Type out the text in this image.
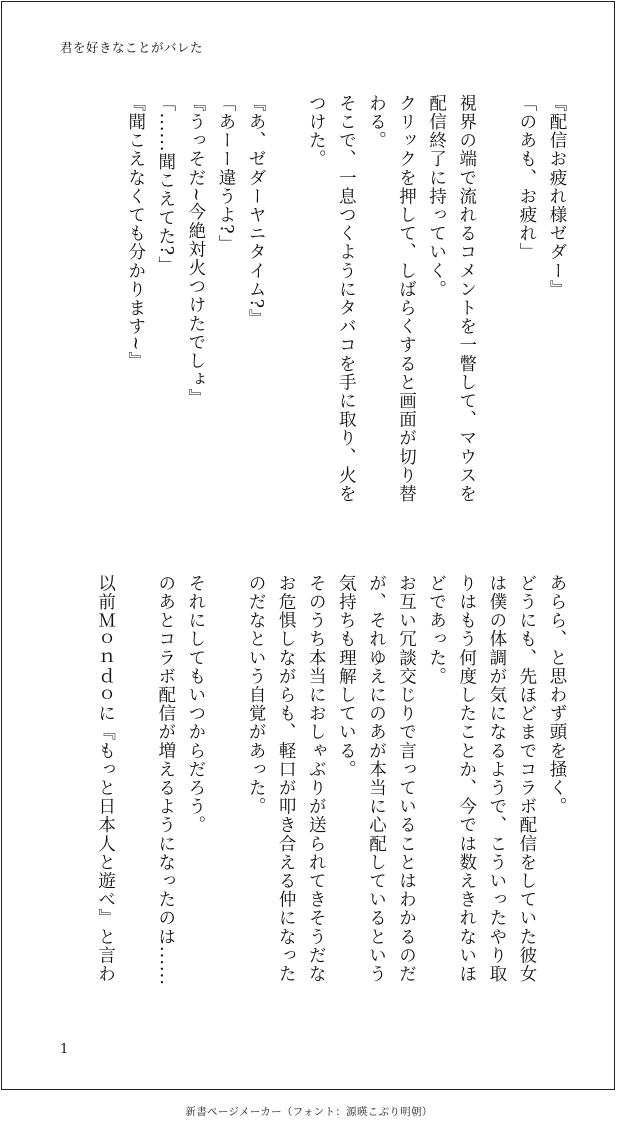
君を好きなことがバレた
『配信お疲れ様ゼダー』
「のあも、お疲れ」
視界の端で流れるコメントを一瞥して、マウスを
配信終了に持っていく。
クリックを押して、しばらくすると画面が切り替
わる。
そこで、一息つくようにタバコを手に取り、火を
つけた。
『あ、ゼダーヤニタイム?』
「あーー違うよ?」
『うっそだ~今絶対火つけたでしょ』
「......聞こえてた?」
『聞こえなくても分かります~』
あらら、と思わず頭を掻く。
どうにも、先ほどまでコラボ配信をしていた彼女
は僕の体調が気になるようで、こういったやり取
りはもう何度したことか、今では数えきれないほ
どであった。
お互い冗談交じりで言っていることはわかるのだ
が、それゆえにのあが本当に心配しているという
気持ちも理解している。
そのうち本当におしゃぶりが送られてきそうだな
お危惧しながらも、軽口が叩き合える仲になった
のだなという自覚があった。
それにしてもいつからだろう。
のあとコラボ配信が増えるようになったのは......
以前Ｍｏｎｄｏに『もっと日本人と遊べ』と言わ
1
新書ページメーカー（フォント：源暎こぶり明朝）
